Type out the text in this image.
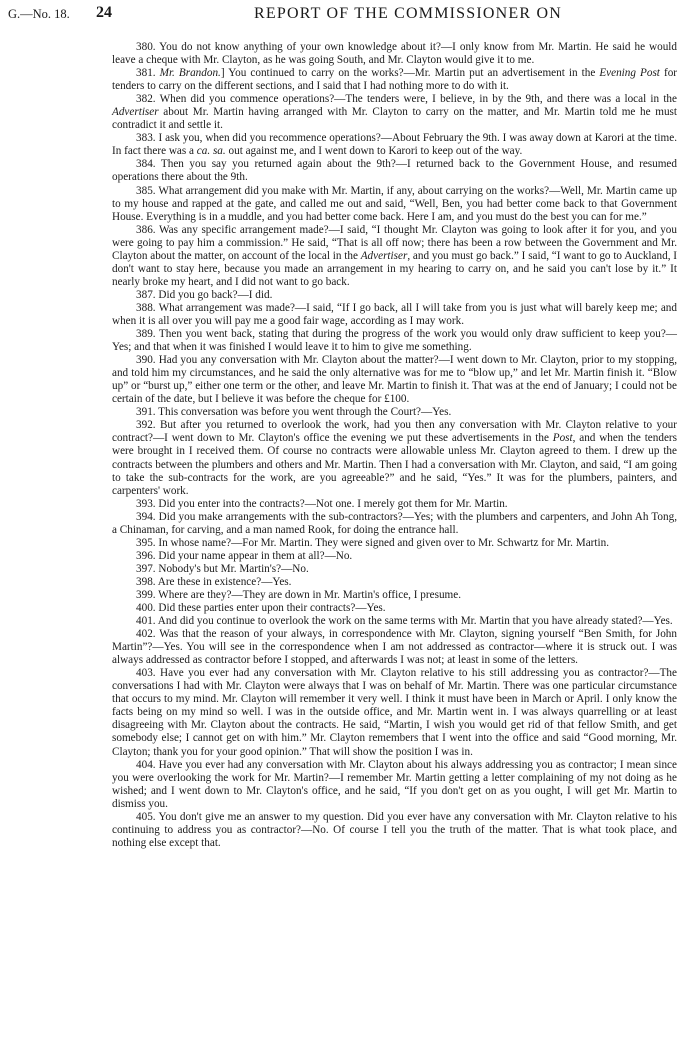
G.—No. 18. 24	REPORT OF THE COMMISSIONER ON

380. You do not know anything of your own knowledge about it?—I only know from Mr. Martin. He said he would leave a cheque with Mr. Clayton, as he was going South, and Mr. Clayton would give it to me.

381. Mr. Brandon.] You continued to carry on the works?—Mr. Martin put an advertisement in the Evening Post for tenders to carry on the different sections, and I said that I had nothing more to do with it.

382. When did you commence operations?—The tenders were, I believe, in by the 9th, and there was a local in the Advertiser about Mr. Martin having arranged with Mr. Clayton to carry on the matter, and Mr. Martin told me he must contradict it and settle it.

383. I ask you, when did you recommence operations?—About February the 9th. I was away down at Karori at the time. In fact there was a ca. sa. out against me, and I went down to Karori to keep out of the way.

384. Then you say you returned again about the 9th?—I returned back to the Government House, and resumed operations there about the 9th.

385. What arrangement did you make with Mr. Martin, if any, about carrying on the works?—Well, Mr. Martin came up to my house and rapped at the gate, and called me out and said, “Well, Ben, you had better come back to that Government House. Everything is in a muddle, and you had better come back. Here I am, and you must do the best you can for me.”

386. Was any specific arrangement made?—I said, “I thought Mr. Clayton was going to look after it for you, and you were going to pay him a commission.” He said, “That is all off now; there has been a row between the Government and Mr. Clayton about the matter, on account of the local in the Advertiser, and you must go back.” I said, “I want to go to Auckland, I don't want to stay here, because you made an arrangement in my hearing to carry on, and he said you can't lose by it.” It nearly broke my heart, and I did not want to go back.

387. Did you go back?—I did.

388. What arrangement was made?—I said, “If I go back, all I will take from you is just what will barely keep me; and when it is all over you will pay me a good fair wage, according as I may work.

389. Then you went back, stating that during the progress of the work you would only draw sufficient to keep you?—Yes; and that when it was finished I would leave it to him to give me something.

390. Had you any conversation with Mr. Clayton about the matter?—I went down to Mr. Clayton, prior to my stopping, and told him my circumstances, and he said the only alternative was for me to “blow up,” and let Mr. Martin finish it. “Blow up” or “burst up,” either one term or the other, and leave Mr. Martin to finish it. That was at the end of January; I could not be certain of the date, but I believe it was before the cheque for £100.

391. This conversation was before you went through the Court?—Yes.

392. But after you returned to overlook the work, had you then any conversation with Mr. Clayton relative to your contract?—I went down to Mr. Clayton's office the evening we put these advertisements in the Post, and when the tenders were brought in I received them. Of course no contracts were allowable unless Mr. Clayton agreed to them. I drew up the contracts between the plumbers and others and Mr. Martin. Then I had a conversation with Mr. Clayton, and said, “I am going to take the sub-contracts for the work, are you agreeable?” and he said, “Yes.” It was for the plumbers, painters, and carpenters' work.

393. Did you enter into the contracts?—Not one. I merely got them for Mr. Martin.

394. Did you make arrangements with the sub-contractors?—Yes; with the plumbers and carpenters, and John Ah Tong, a Chinaman, for carving, and a man named Rook, for doing the entrance hall.

395. In whose name?—For Mr. Martin. They were signed and given over to Mr. Schwartz for Mr. Martin.

396. Did your name appear in them at all?—No.

397. Nobody's but Mr. Martin's?—No.

398. Are these in existence?—Yes.

399. Where are they?—They are down in Mr. Martin's office, I presume.

400. Did these parties enter upon their contracts?—Yes.

401. And did you continue to overlook the work on the same terms with Mr. Martin that you have already stated?—Yes.

402. Was that the reason of your always, in correspondence with Mr. Clayton, signing yourself “Ben Smith, for John Martin”?—Yes. You will see in the correspondence when I am not addressed as contractor—where it is struck out. I was always addressed as contractor before I stopped, and afterwards I was not; at least in some of the letters.

403. Have you ever had any conversation with Mr. Clayton relative to his still addressing you as contractor?—The conversations I had with Mr. Clayton were always that I was on behalf of Mr. Martin. There was one particular circumstance that occurs to my mind. Mr. Clayton will remember it very well. I think it must have been in March or April. I only know the facts being on my mind so well. I was in the outside office, and Mr. Martin went in. I was always quarrelling or at least disagreeing with Mr. Clayton about the contracts. He said, “Martin, I wish you would get rid of that fellow Smith, and get somebody else; I cannot get on with him.” Mr. Clayton remembers that I went into the office and said “Good morning, Mr. Clayton; thank you for your good opinion.” That will show the position I was in.

404. Have you ever had any conversation with Mr. Clayton about his always addressing you as contractor; I mean since you were overlooking the work for Mr. Martin?—I remember Mr. Martin getting a letter complaining of my not doing as he wished; and I went down to Mr. Clayton's office, and he said, “If you don't get on as you ought, I will get Mr. Martin to dismiss you.

405. You don't give me an answer to my question. Did you ever have any conversation with Mr. Clayton relative to his continuing to address you as contractor?—No. Of course I tell you the truth of the matter. That is what took place, and nothing else except that.
